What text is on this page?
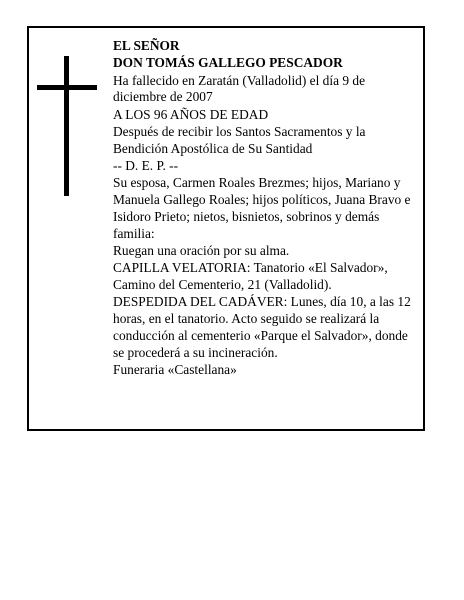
EL SEÑOR

DON TOMÁS GALLEGO PESCADOR

Ha fallecido en Zaratán (Valladolid) el día 9 de diciembre de 2007

A LOS 96 AÑOS DE EDAD

Después de recibir los Santos Sacramentos y la Bendición Apostólica de Su Santidad

-- D. E. P. --

Su esposa, Carmen Roales Brezmes; hijos, Mariano y Manuela Gallego Roales; hijos políticos, Juana Bravo e Isidoro Prieto; nietos, bisnietos, sobrinos y demás familia:

Ruegan una oración por su alma.

CAPILLA VELATORIA: Tanatorio «El Salvador», Camino del Cementerio, 21 (Valladolid).

DESPEDIDA DEL CADÁVER: Lunes, día 10, a las 12 horas, en el tanatorio. Acto seguido se realizará la conducción al cementerio «Parque el Salvador», donde se procederá a su incineración.

Funeraria «Castellana»
